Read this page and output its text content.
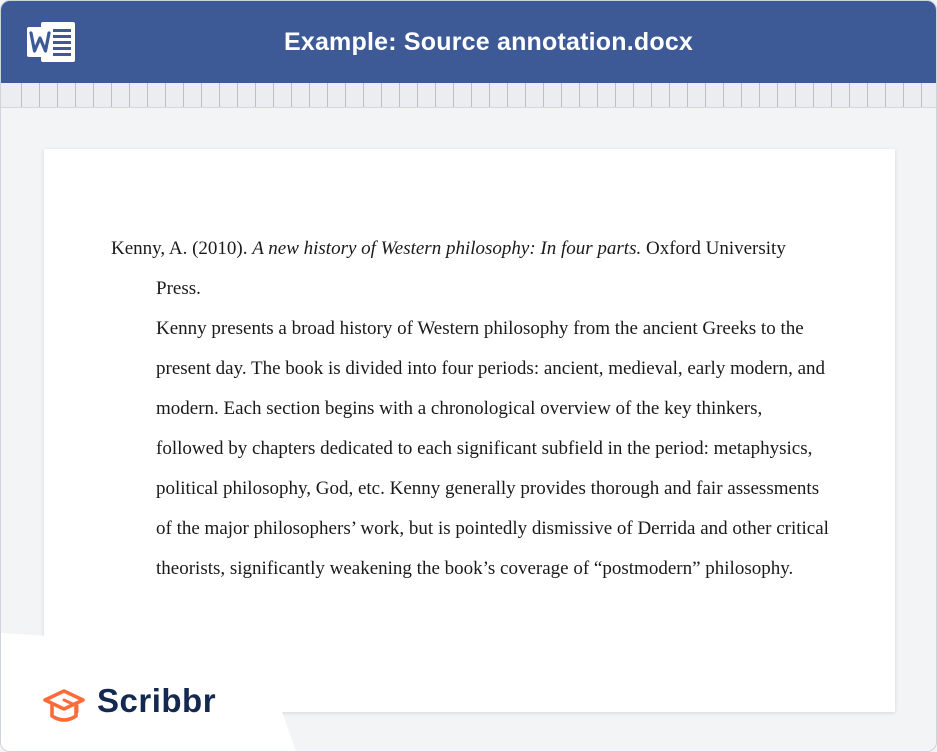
Example: Source annotation.docx

Kenny, A. (2010). A new history of Western philosophy: In four parts. Oxford University Press.

Kenny presents a broad history of Western philosophy from the ancient Greeks to the present day. The book is divided into four periods: ancient, medieval, early modern, and modern. Each section begins with a chronological overview of the key thinkers, followed by chapters dedicated to each significant subfield in the period: metaphysics, political philosophy, God, etc. Kenny generally provides thorough and fair assessments of the major philosophers’ work, but is pointedly dismissive of Derrida and other critical theorists, significantly weakening the book’s coverage of “postmodern” philosophy.

Scribbr
